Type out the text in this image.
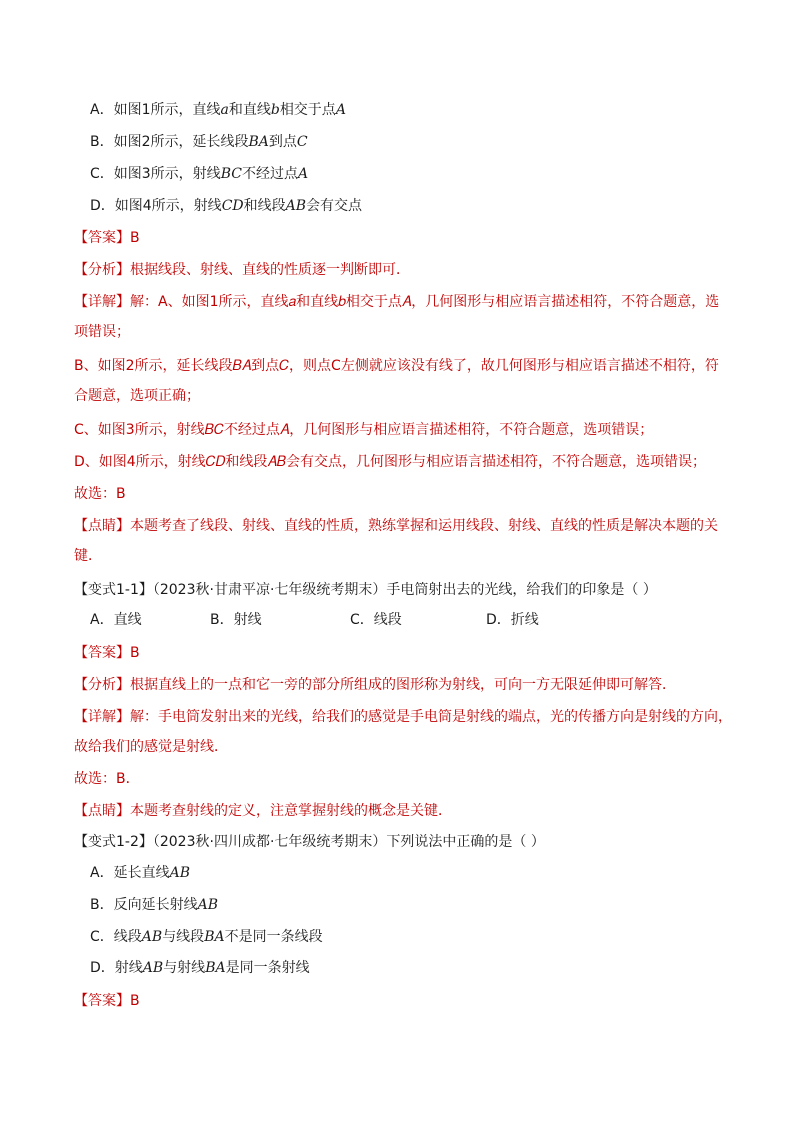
A．如图1所示，直线a和直线b相交于点A
B．如图2所示，延长线段BA到点C
C．如图3所示，射线BC不经过点A
D．如图4所示，射线CD和线段AB会有交点
【答案】B
【分析】根据线段、射线、直线的性质逐一判断即可．
【详解】解：A、如图1所示，直线𝑎和直线𝑏相交于点𝐴，几何图形与相应语言描述相符，不符合题意，选
项错误；
B、如图2所示，延长线段𝐵𝐴到点𝐶，则点C左侧就应该没有线了，故几何图形与相应语言描述不相符，符
合题意，选项正确；
C、如图3所示，射线𝐵𝐶不经过点𝐴，几何图形与相应语言描述相符，不符合题意，选项错误；
D、如图4所示，射线𝐶𝐷和线段𝐴𝐵会有交点，几何图形与相应语言描述相符，不符合题意，选项错误；
故选：B
【点睛】本题考查了线段、射线、直线的性质，熟练掌握和运用线段、射线、直线的性质是解决本题的关
键．
【变式1-1】（2023秋·甘肃平凉·七年级统考期末）手电筒射出去的光线，给我们的印象是（ ）
A．直线	B．射线	C．线段	D．折线
【答案】B
【分析】根据直线上的一点和它一旁的部分所组成的图形称为射线，可向一方无限延伸即可解答．
【详解】解：手电筒发射出来的光线，给我们的感觉是手电筒是射线的端点，光的传播方向是射线的方向，
故给我们的感觉是射线．
故选：B．
【点睛】本题考查射线的定义，注意掌握射线的概念是关键．
【变式1-2】（2023秋·四川成都·七年级统考期末）下列说法中正确的是（ ）
A．延长直线AB
B．反向延长射线AB
C．线段AB与线段BA不是同一条线段
D．射线AB与射线BA是同一条射线
【答案】B
